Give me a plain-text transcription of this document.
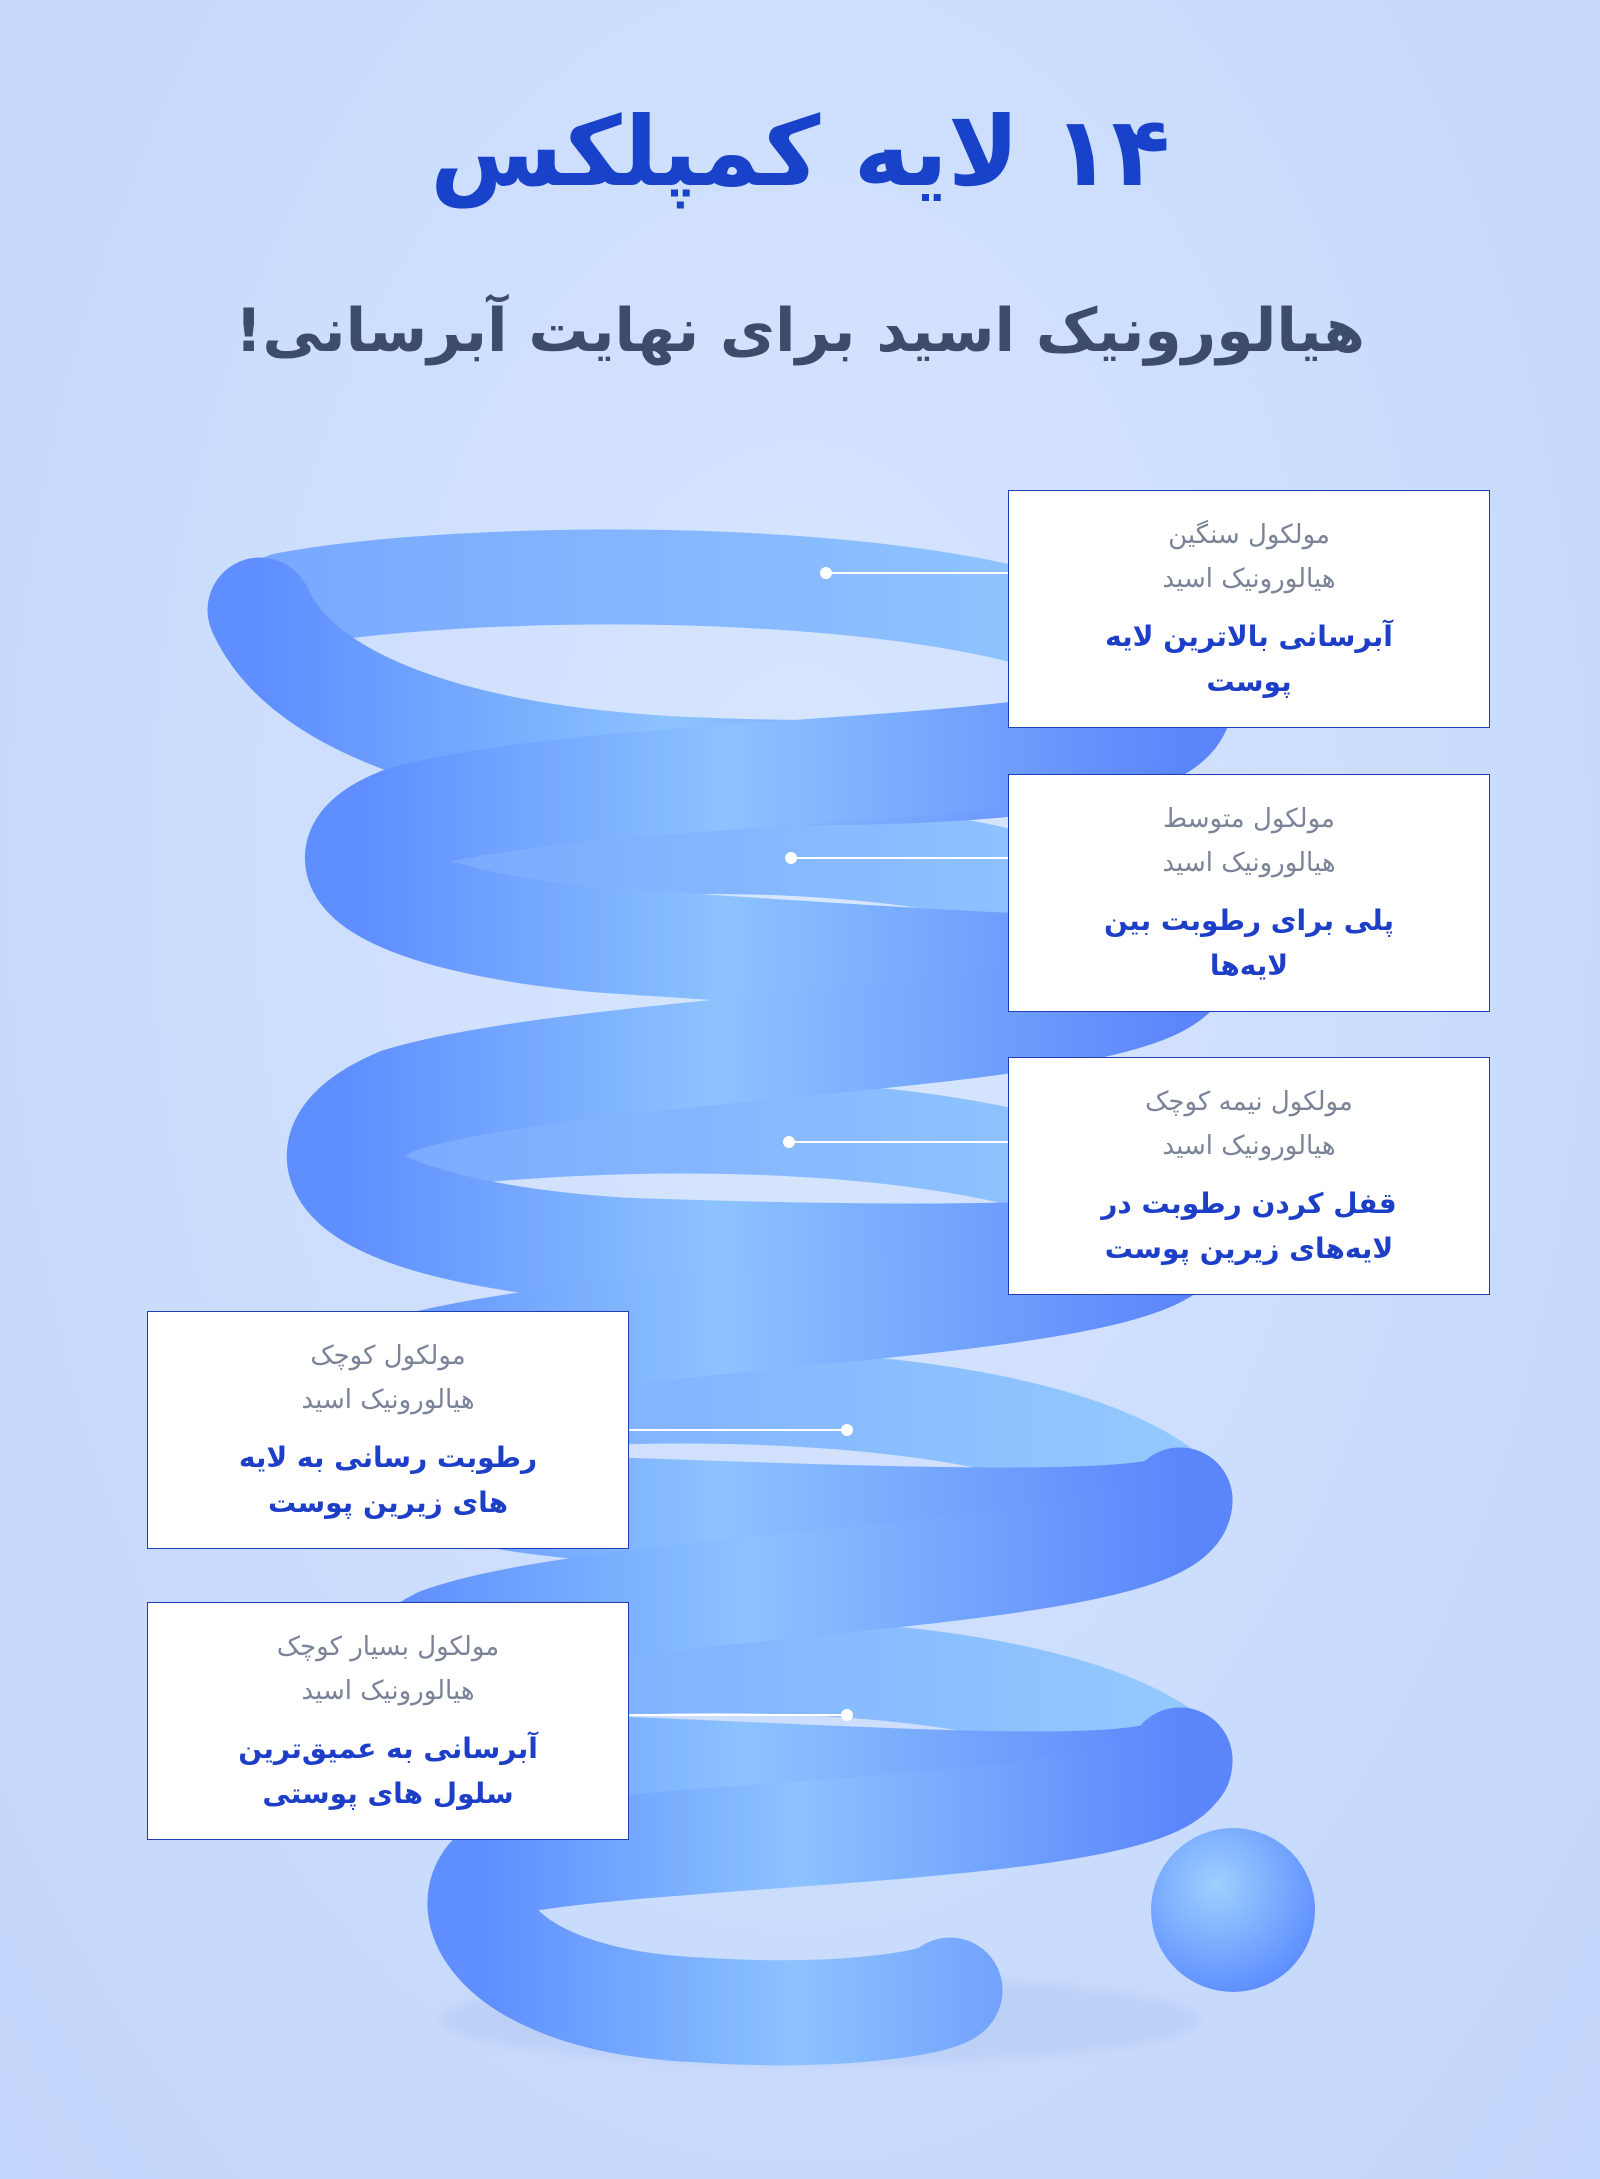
۱۴ لایه کمپلکس
هیالورونیک اسید برای نهایت آبرسانی!
مولکول سنگین
هیالورونیک اسید
آبرسانی بالاترین لایه پوست
مولکول متوسط
هیالورونیک اسید
پلی برای رطوبت بین لایه‌ها
مولکول نیمه کوچک
هیالورونیک اسید
قفل کردن رطوبت در لایه‌های زیرین پوست
مولکول کوچک
هیالورونیک اسید
رطوبت رسانی به لایه های زیرین پوست
مولکول بسیار کوچک
هیالورونیک اسید
آبرسانی به عمیق‌ترین سلول های پوستی
